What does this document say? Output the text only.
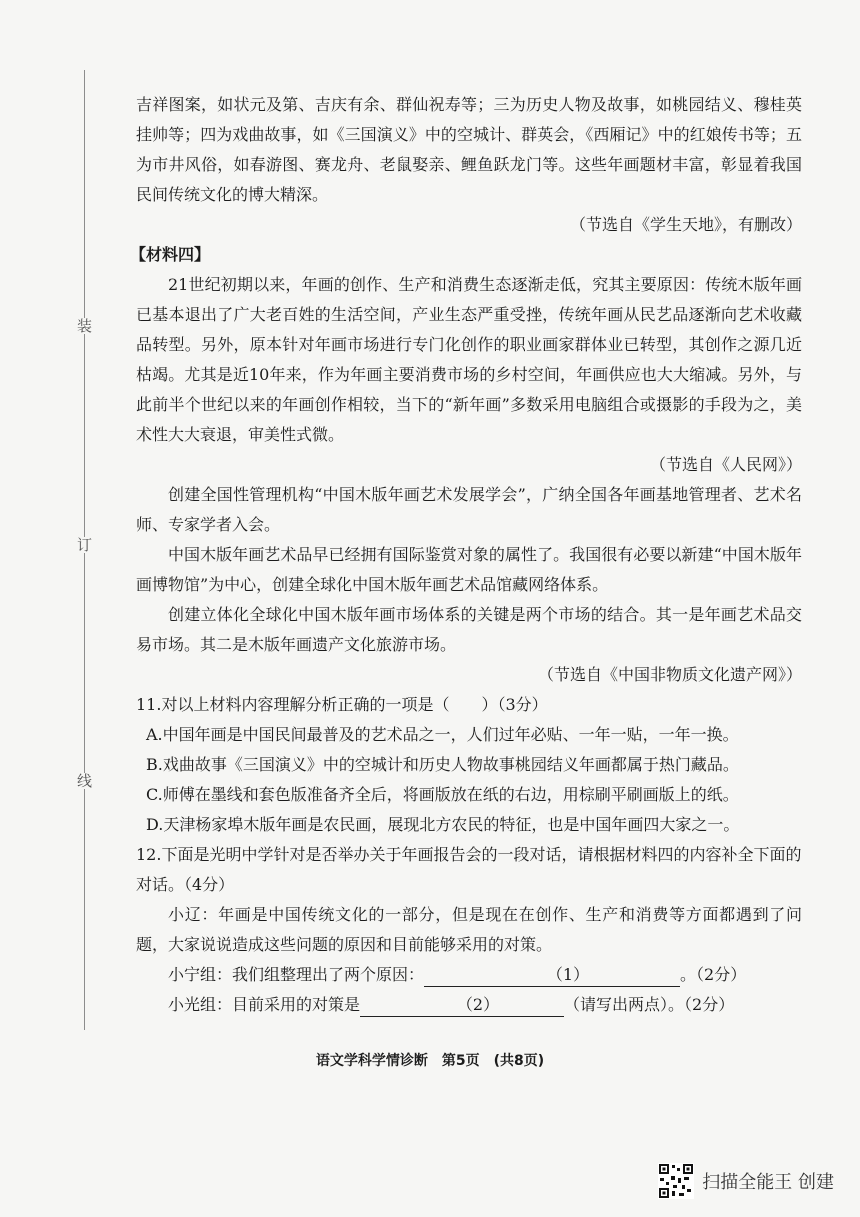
装
订
线

吉祥图案，如状元及第、吉庆有余、群仙祝寿等；三为历史人物及故事，如桃园结义、穆桂英挂帅等；四为戏曲故事，如《三国演义》中的空城计、群英会，《西厢记》中的红娘传书等；五为市井风俗，如春游图、赛龙舟、老鼠娶亲、鲤鱼跃龙门等。这些年画题材丰富，彰显着我国民间传统文化的博大精深。

（节选自《学生天地》，有删改）

【材料四】

21世纪初期以来，年画的创作、生产和消费生态逐渐走低，究其主要原因：传统木版年画已基本退出了广大老百姓的生活空间，产业生态严重受挫，传统年画从民艺品逐渐向艺术收藏品转型。另外，原本针对年画市场进行专门化创作的职业画家群体业已转型，其创作之源几近枯竭。尤其是近10年来，作为年画主要消费市场的乡村空间，年画供应也大大缩减。另外，与此前半个世纪以来的年画创作相较，当下的“新年画”多数采用电脑组合或摄影的手段为之，美术性大大衰退，审美性式微。

（节选自《人民网》）

创建全国性管理机构“中国木版年画艺术发展学会”，广纳全国各年画基地管理者、艺术名师、专家学者入会。

中国木版年画艺术品早已经拥有国际鉴赏对象的属性了。我国很有必要以新建“中国木版年画博物馆”为中心，创建全球化中国木版年画艺术品馆藏网络体系。

创建立体化全球化中国木版年画市场体系的关键是两个市场的结合。其一是年画艺术品交易市场。其二是木版年画遗产文化旅游市场。

（节选自《中国非物质文化遗产网》）

11.对以上材料内容理解分析正确的一项是（　　）（3分）

A.中国年画是中国民间最普及的艺术品之一，人们过年必贴、一年一贴，一年一换。

B.戏曲故事《三国演义》中的空城计和历史人物故事桃园结义年画都属于热门藏品。

C.师傅在墨线和套色版准备齐全后，将画版放在纸的右边，用棕刷平刷画版上的纸。

D.天津杨家埠木版年画是农民画，展现北方农民的特征，也是中国年画四大家之一。

12.下面是光明中学针对是否举办关于年画报告会的一段对话，请根据材料四的内容补全下面的对话。（4分）

小辽：年画是中国传统文化的一部分，但是现在在创作、生产和消费等方面都遇到了问题，大家说说造成这些问题的原因和目前能够采用的对策。

小宁组：我们组整理出了两个原因：	（1）	。（2分）

小光组：目前采用的对策是	（2）	（请写出两点）。（2分）

语文学科学情诊断　第5页　(共8页)
扫描全能王 创建
